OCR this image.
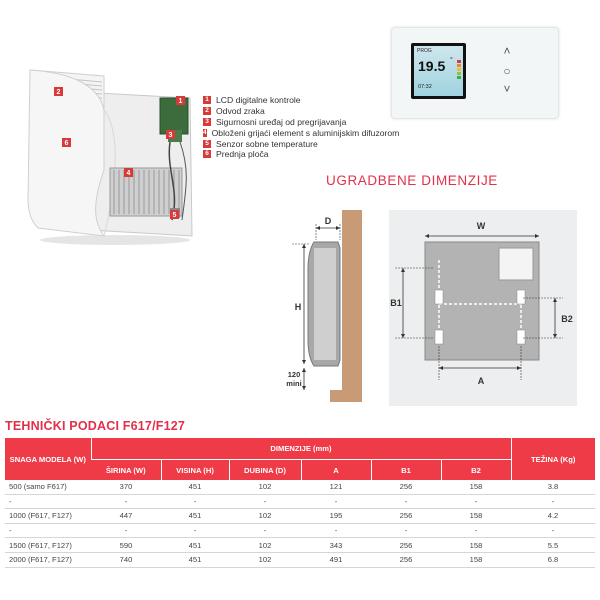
1
2
3
4
5
6
1 LCD digitalne kontrole
2 Odvod zraka
3 Sigurnosni uređaj od pregrijavanja
4 Obloženi grijaći element s aluminijskim difuzorom
5 Senzor sobne temperature
6 Prednja ploča
PROG
19.5 °
07:32
˄
○
˅
UGRADBENE DIMENZIJE
D
H
120
mini
W
B1
B2
A
TEHNIČKI PODACI F617/F127
SNAGA MODELA (W)	DIMENZIJE (mm)						TEŽINA (Kg)
	ŠIRINA (W)	VISINA (H)	DUBINA (D)	A	B1	B2	
500 (samo F617)	370	451	102	121	256	158	3.8
-	-	-	-	-	-	-	-
1000 (F617, F127)	447	451	102	195	256	158	4.2
-	-	-	-	-	-	-	-
1500 (F617, F127)	590	451	102	343	256	158	5.5
2000 (F617, F127)	740	451	102	491	256	158	6.8
